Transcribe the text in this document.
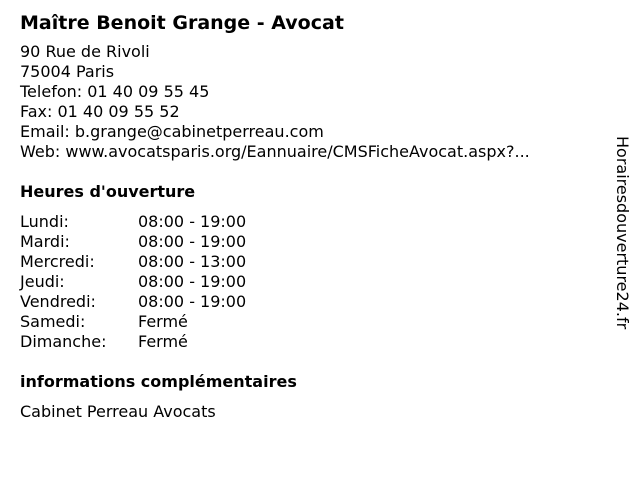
Maître Benoit Grange - Avocat
90 Rue de Rivoli
75004 Paris
Telefon: 01 40 09 55 45
Fax: 01 40 09 55 52
Email: b.grange@cabinetperreau.com
Web: www.avocatsparis.org/Eannuaire/CMSFicheAvocat.aspx?...
Heures d'ouverture
Lundi:	08:00 - 19:00
Mardi:	08:00 - 19:00
Mercredi:	08:00 - 13:00
Jeudi:	08:00 - 19:00
Vendredi:	08:00 - 19:00
Samedi:	Fermé
Dimanche:	Fermé
informations complémentaires
Cabinet Perreau Avocats
Horairesdouverture24.fr
